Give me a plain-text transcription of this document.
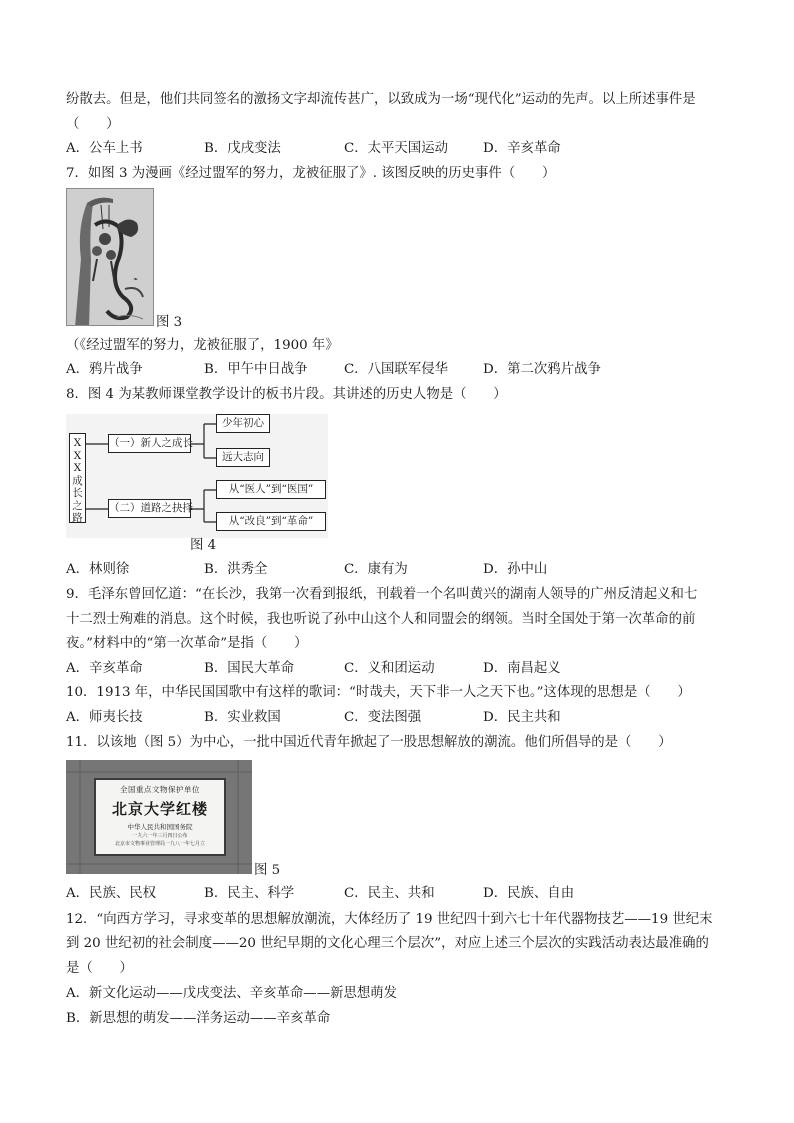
纷散去。但是，他们共同签名的激扬文字却流传甚广，以致成为一场“现代化”运动的先声。以上所述事件是
（　　）
A．公车上书	B．戊戌变法	C．太平天国运动	D．辛亥革命
7．如图 3 为漫画《经过盟军的努力，龙被征服了》. 该图反映的历史事件（　　）
❧
图 3
（《经过盟军的努力，龙被征服了，1900 年》
A．鸦片战争	B．甲午中日战争	C．八国联军侵华	D．第二次鸦片战争
8．图 4 为某教师课堂教学设计的板书片段。其讲述的历史人物是（　　）
X
X
X
成
长
之
路
（一）新人之成长
少年初心
远大志向
（二）道路之抉择
从“医人”到“医国”
从“改良”到“革命”
图 4
A．林则徐	B．洪秀全	C．康有为	D．孙中山
9．毛泽东曾回忆道：“在长沙，我第一次看到报纸，刊载着一个名叫黄兴的湖南人领导的广州反清起义和七
十二烈士殉难的消息。这个时候，我也听说了孙中山这个人和同盟会的纲领。当时全国处于第一次革命的前
夜。”材料中的“第一次革命”是指（　　）
A．辛亥革命	B．国民大革命	C．义和团运动	D．南昌起义
10．1913 年，中华民国国歌中有这样的歌词：“时哉夫，天下非一人之天下也。”这体现的思想是（　　）
A．师夷长技	B．实业救国	C．变法图强	D．民主共和
11．以该地（图 5）为中心，一批中国近代青年掀起了一股思想解放的潮流。他们所倡导的是（　　）
全国重点文物保护单位
北京大学红楼
中华人民共和国国务院
一九六一年三月四日公布
北京市文物事业管理局一九八一年七月立
图 5
A．民族、民权	B．民主、科学	C．民主、共和	D．民族、自由
12．“向西方学习，寻求变革的思想解放潮流，大体经历了 19 世纪四十到六七十年代器物技艺——19 世纪末
到 20 世纪初的社会制度——20 世纪早期的文化心理三个层次”，对应上述三个层次的实践活动表达最准确的
是（　　）
A．新文化运动——戊戌变法、辛亥革命——新思想萌发
B．新思想的萌发——洋务运动——辛亥革命
